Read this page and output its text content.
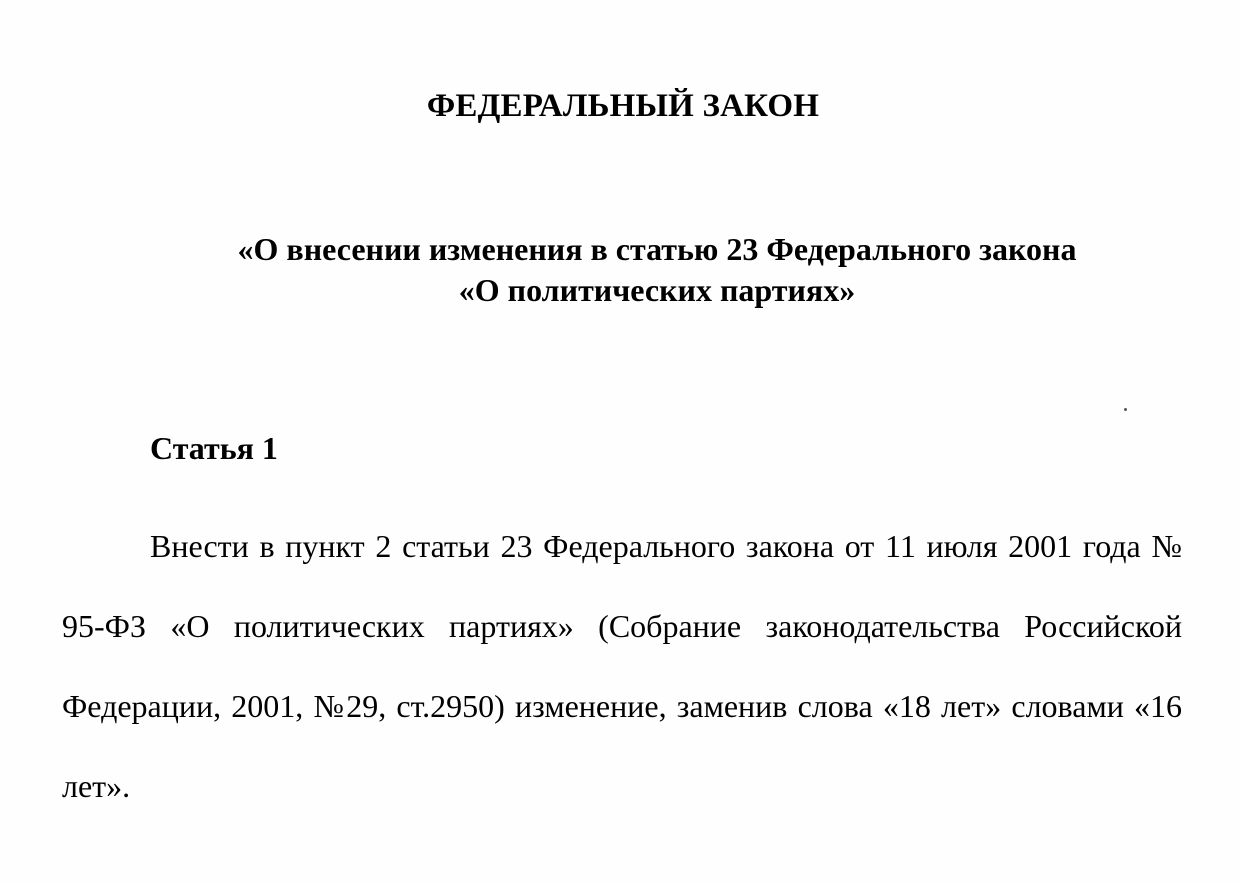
ФЕДЕРАЛЬНЫЙ ЗАКОН
«О внесении изменения в статью 23 Федерального закона
«О политических партиях»
Статья 1

Внести в пункт 2 статьи 23 Федерального закона от 11 июля 2001 года № 95-ФЗ «О политических партиях» (Собрание законодательства Российской Федерации, 2001, №29, ст.2950) изменение, заменив слова «18 лет» словами «16 лет».
